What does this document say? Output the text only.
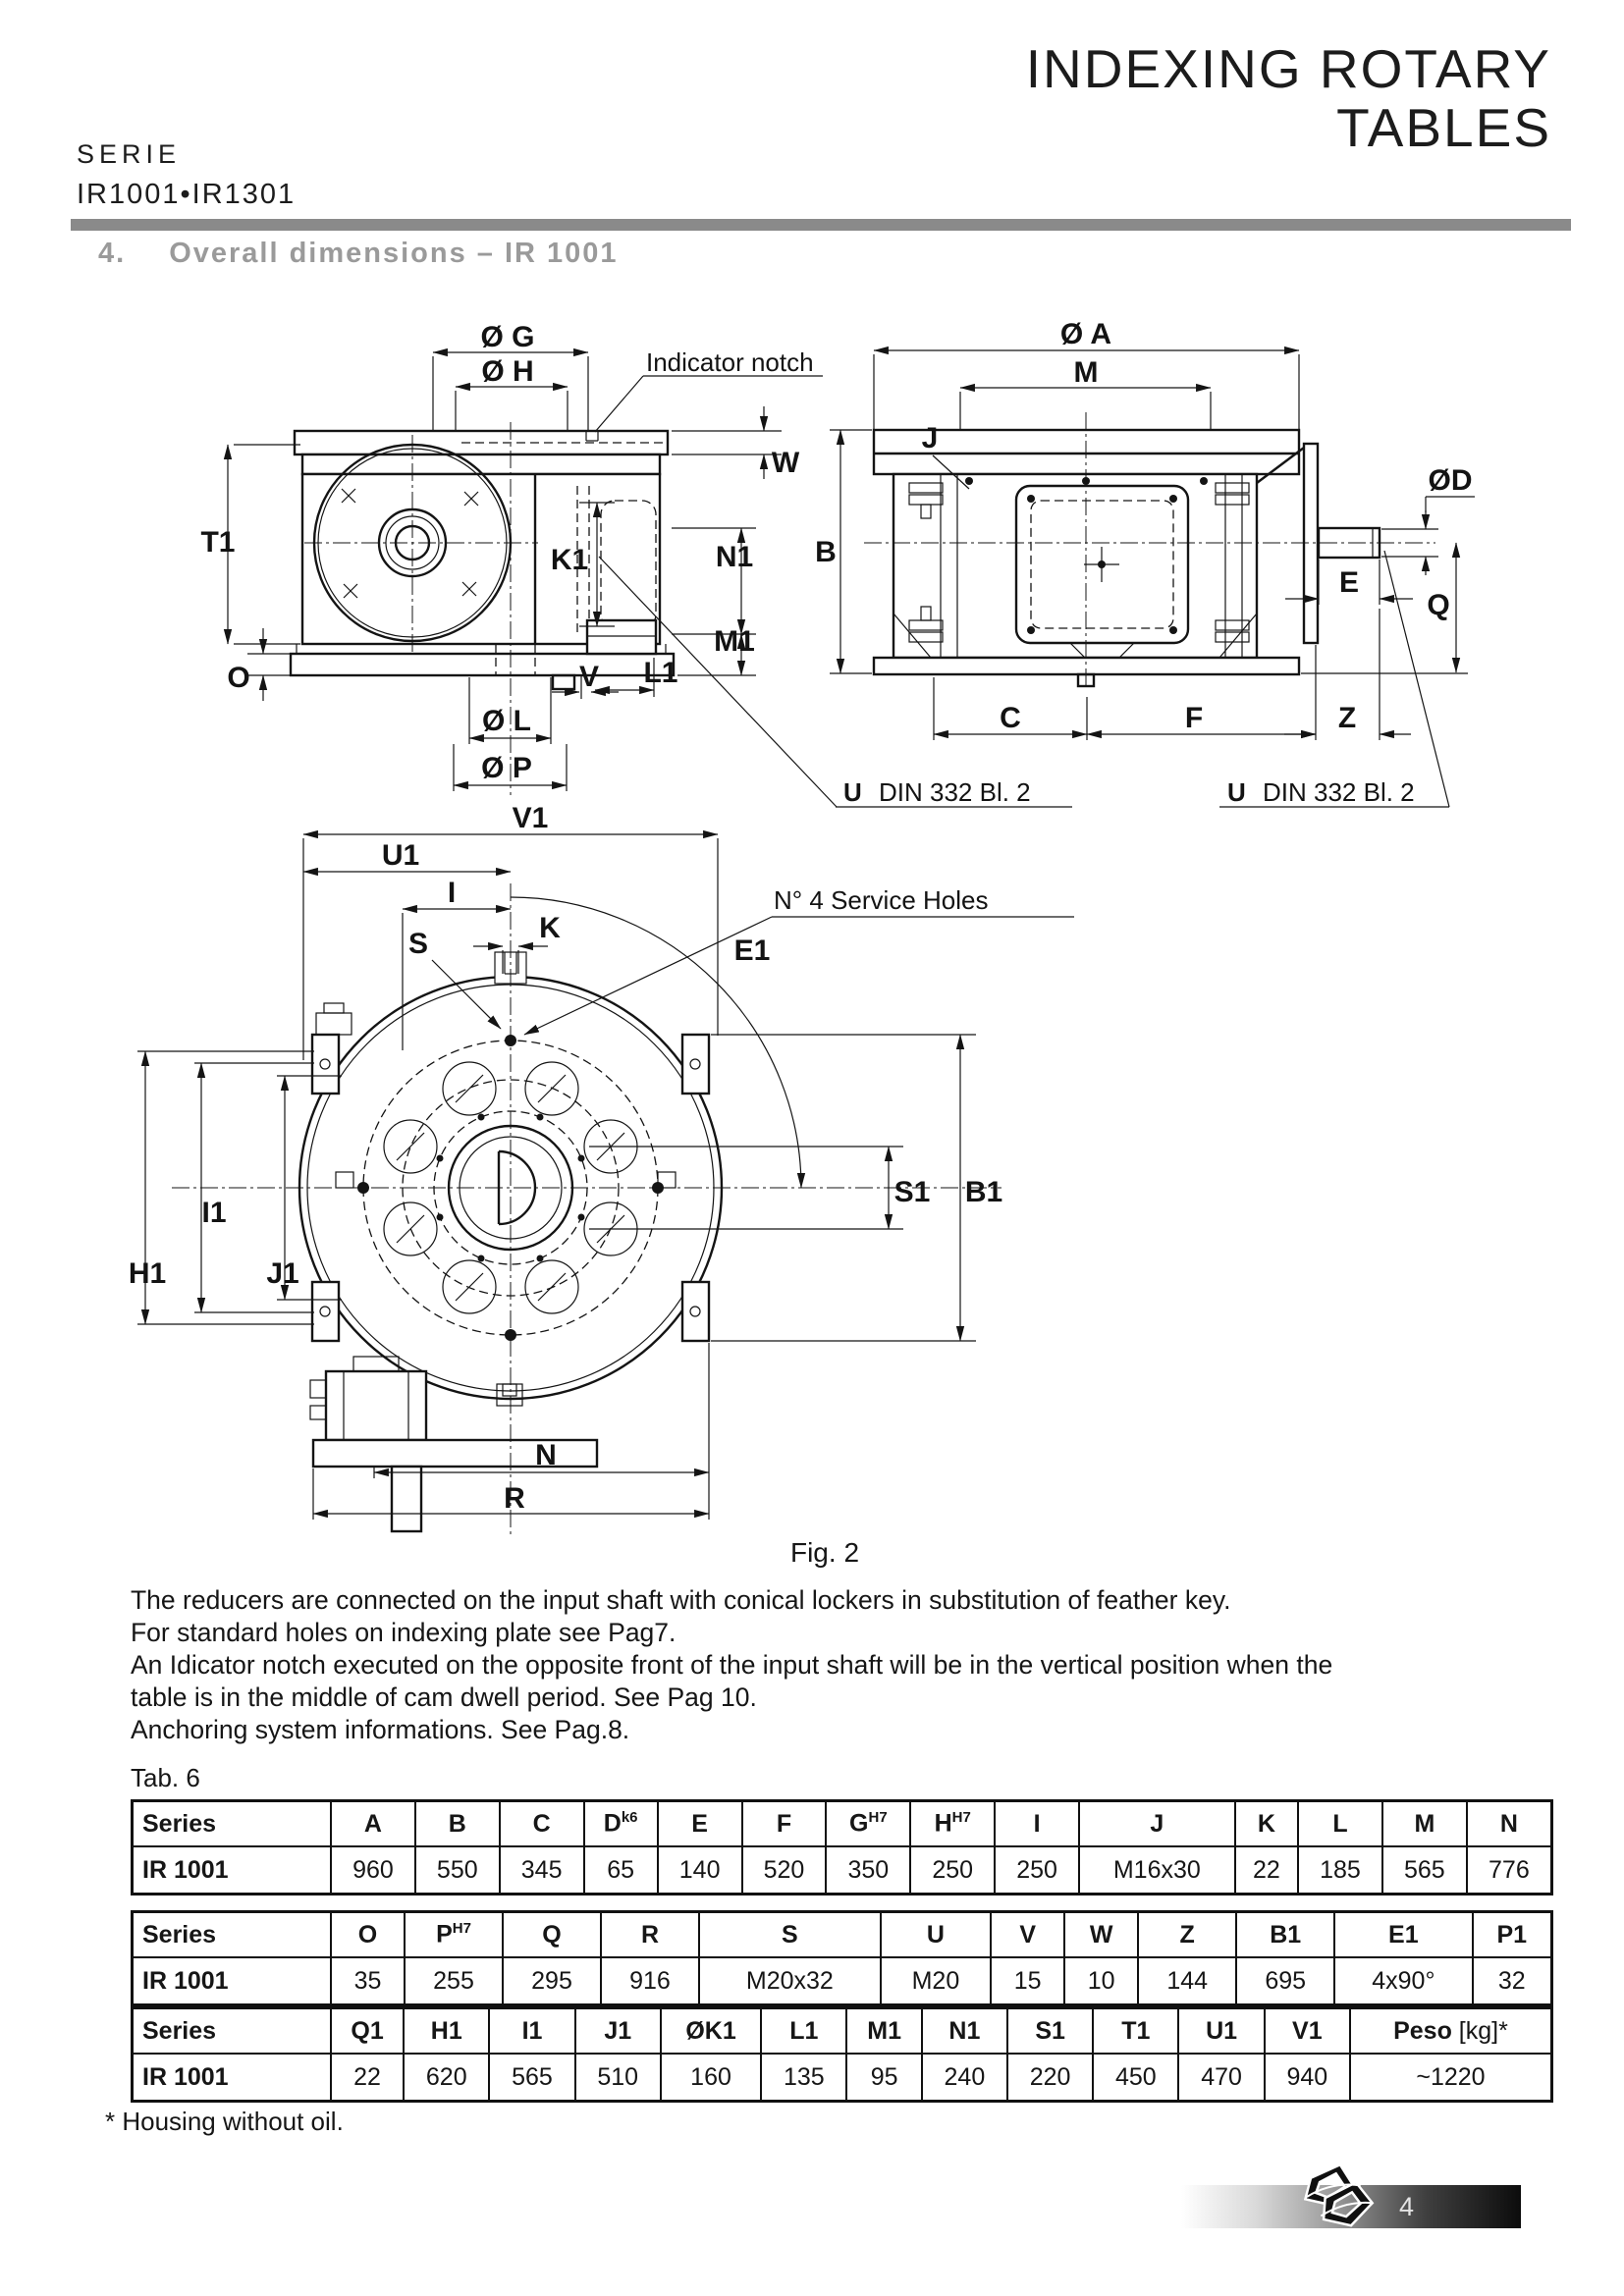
SERIE
IR1001•IR1301
INDEXING ROTARY
TABLES
4. Overall dimensions – IR 1001
Ø G
Ø H	Indicator notch
W
T1
K1	N1
M1
O	V L1
Ø L
Ø P
Ø A
M
J
ØD
B
E
Q
C	F	Z
U DIN 332 Bl. 2	U DIN 332 Bl. 2
V1
U1
I
K
S
N° 4 Service Holes
E1
I1
H1	J1
S1 B1
N
R
Fig. 2

The reducers are connected on the input shaft with conical lockers in substitution of feather key.

For standard holes on indexing plate see Pag7.

An Idicator notch executed on the opposite front of the input shaft will be in the vertical position when the

table is in the middle of cam dwell period. See Pag 10.

Anchoring system informations. See Pag.8.

Tab. 6
Series	A	B	C	$D^{k6}$	E	F	$G^{H7}$	$H^{H7}$	I	J	K	L	M	N
IR 1001	960	550	345	65	140	520	350	250	250	M16x30	22	185	565	776
Series	O	$P^{H7}$	Q	R	S	U	V	W	Z	B1	E1	P1
IR 1001	35	255	295	916	M20x32	M20	15	10	144	695	4x90°	32
Series	Q1	H1	I1	J1	ØK1	L1	M1	N1	S1	T1	U1	V1	Peso [kg]*
IR 1001	22	620	565	510	160	135	95	240	220	450	470	940	~1220
* Housing without oil.
4
